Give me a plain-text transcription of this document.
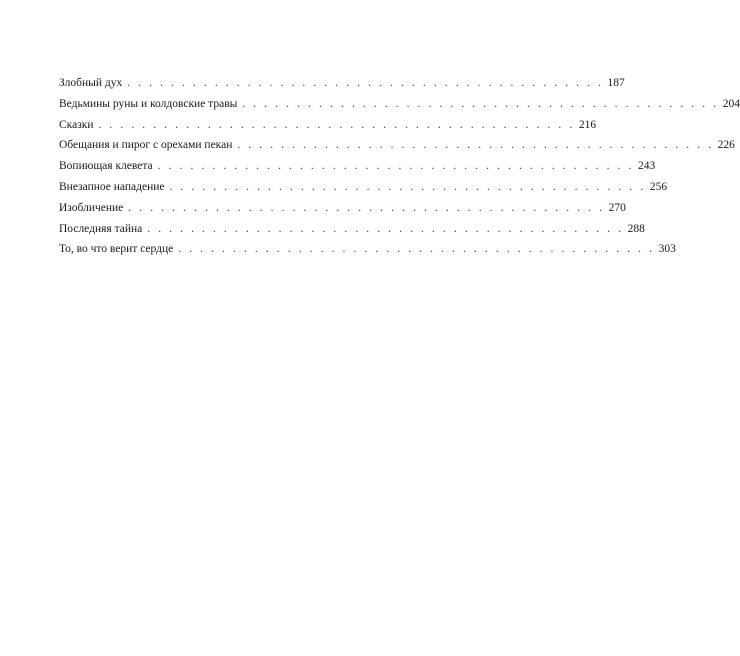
Злобный дух . . . . . . . . . . . . . . . . . . . . . . . . . . . . . . . . . . . . . . . . . . . . 187
Ведьмины руны и колдовские травы . . . . . . . . . . . . . . . . . . . . . . . . . . . . . . . . . . . . . . . . . . . . 204
Сказки . . . . . . . . . . . . . . . . . . . . . . . . . . . . . . . . . . . . . . . . . . . . 216
Обещания и пирог с орехами пекан . . . . . . . . . . . . . . . . . . . . . . . . . . . . . . . . . . . . . . . . . . . . 226
Вопиющая клевета . . . . . . . . . . . . . . . . . . . . . . . . . . . . . . . . . . . . . . . . . . . . 243
Внезапное нападение . . . . . . . . . . . . . . . . . . . . . . . . . . . . . . . . . . . . . . . . . . . . 256
Изобличение . . . . . . . . . . . . . . . . . . . . . . . . . . . . . . . . . . . . . . . . . . . . 270
Последняя тайна . . . . . . . . . . . . . . . . . . . . . . . . . . . . . . . . . . . . . . . . . . . . 288
То, во что верит сердце . . . . . . . . . . . . . . . . . . . . . . . . . . . . . . . . . . . . . . . . . . . . 303
